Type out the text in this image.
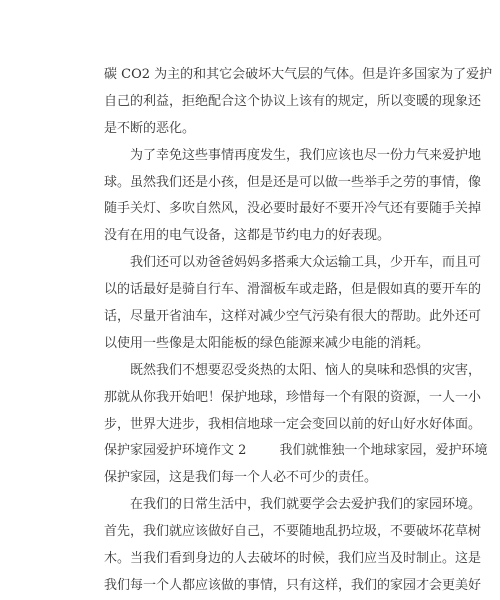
碳 CO2 为主的和其它会破坏大气层的气体。但是许多国家为了爱护
自己的利益，拒绝配合这个协议上该有的规定，所以变暖的现象还
是不断的恶化。
为了幸免这些事情再度发生，我们应该也尽一份力气来爱护地
球。虽然我们还是小孩，但是还是可以做一些举手之劳的事情，像
随手关灯、多吹自然风，没必要时最好不要开冷气还有要随手关掉
没有在用的电气设备，这都是节约电力的好表现。
我们还可以劝爸爸妈妈多搭乘大众运输工具，少开车，而且可
以的话最好是骑自行车、滑溜板车或走路，但是假如真的要开车的
话，尽量开省油车，这样对减少空气污染有很大的帮助。此外还可
以使用一些像是太阳能板的绿色能源来减少电能的消耗。
既然我们不想要忍受炎热的太阳、恼人的臭味和恐惧的灾害，
那就从你我开始吧！保护地球，珍惜每一个有限的资源，一人一小
步，世界大进步，我相信地球一定会变回以前的好山好水好体面。
保护家园爱护环境作文 2        我们就惟独一个地球家园，爱护环境
保护家园，这是我们每一个人必不可少的责任。
在我们的日常生活中，我们就要学会去爱护我们的家园环境。
首先，我们就应该做好自己，不要随地乱扔垃圾，不要破坏花草树
木。当我们看到身边的人去破坏的时候，我们应当及时制止。这是
我们每一个人都应该做的事情，只有这样，我们的家园才会更美好
